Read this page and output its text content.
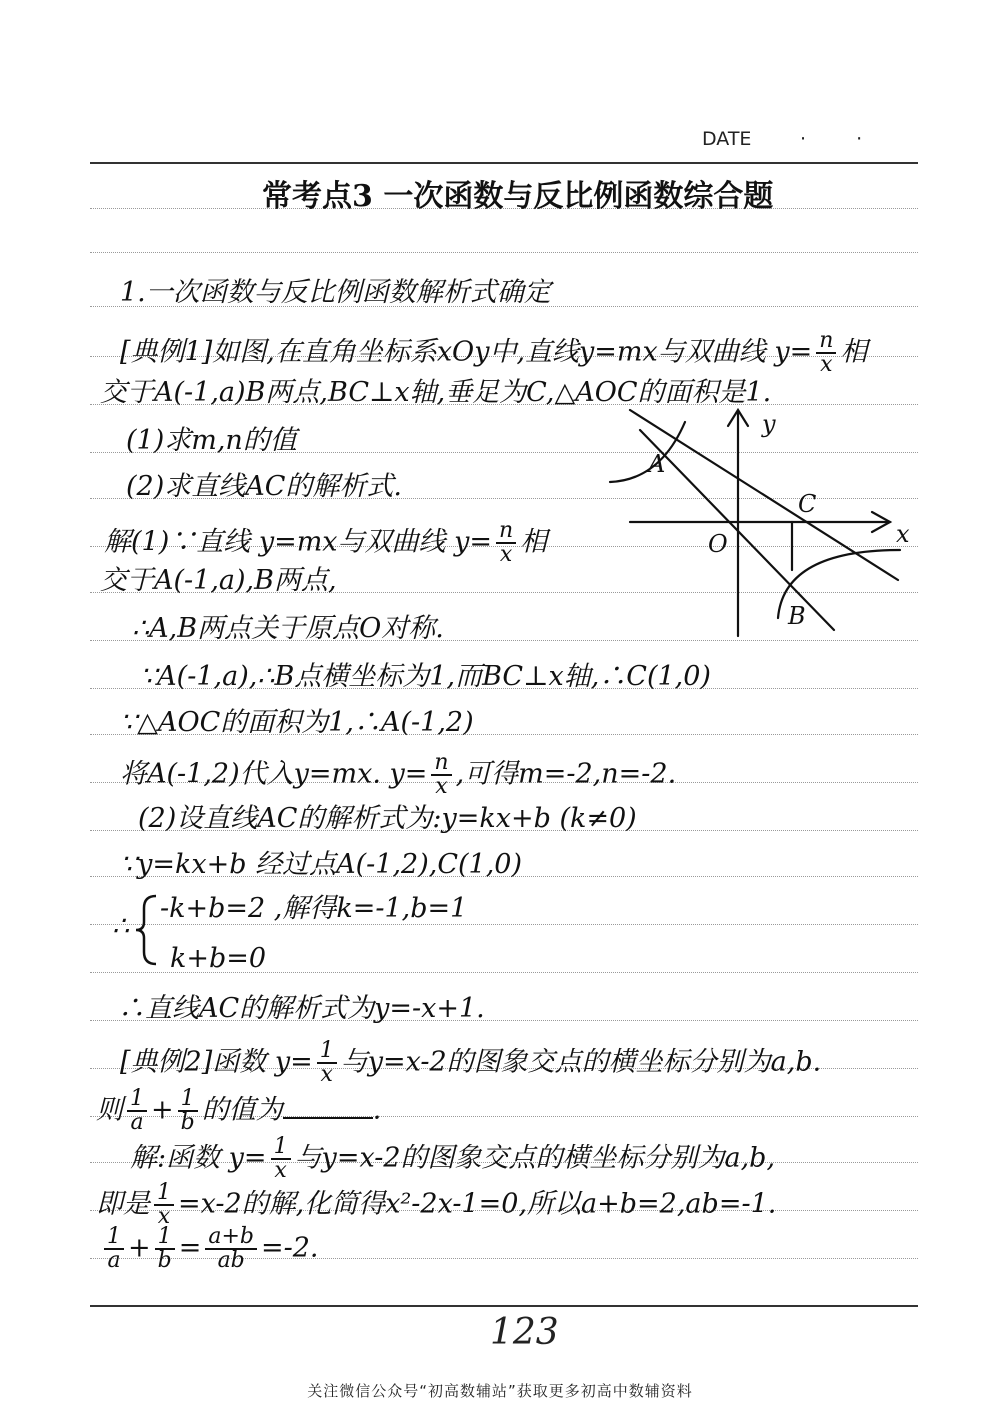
DATE	· ·
常考点3 一次函数与反比例函数综合题
1.一次函数与反比例函数解析式确定
[典例1]如图,在直角坐标系xOy中,直线y=mx与双曲线 $y= \frac{n}{x}$ 相
交于A(-1,a)B两点,BC⊥x轴,垂足为C,△AOC的面积是1.
(1)求m,n的值
(2)求直线AC的解析式.
解(1)∵直线 y=mx与双曲线 $y= \frac{n}{x}$ 相
交于A(-1,a),B两点,
∴A,B两点关于原点O对称.
∵A(-1,a),∴B点横坐标为1,而BC⊥x轴,∴C(1,0)
∵△AOC的面积为1,∴A(-1,2)
将A(-1,2)代入y=mx. $y= \frac{n}{x}$ ,可得m=-2,n=-2.
(2)设直线AC的解析式为:y=kx+b (k≠0)
∵y=kx+b 经过点A(-1,2),C(1,0)
∴
-k+b=2 ,解得k=-1,b=1
k+b=0
∴直线AC的解析式为y=-x+1.
[典例2]函数 $y= \frac{1}{x}$ 与y=x-2的图象交点的横坐标分别为a,b.
则 $\frac{1}{a} + \frac{1}{b}$ 的值为	.
解:函数 $y= \frac{1}{x}$ 与y=x-2的图象交点的横坐标分别为a,b,
即是 $\frac{1}{x} =x-2$的解,化简得x²-2x-1=0,所以a+b=2,ab=-1.
$\frac{1}{a} + \frac{1}{b} = \frac{a+b}{ab} =-2$.
y
x
O
A
B
C
123
关注微信公众号“初高数辅站”获取更多初高中数辅资料
